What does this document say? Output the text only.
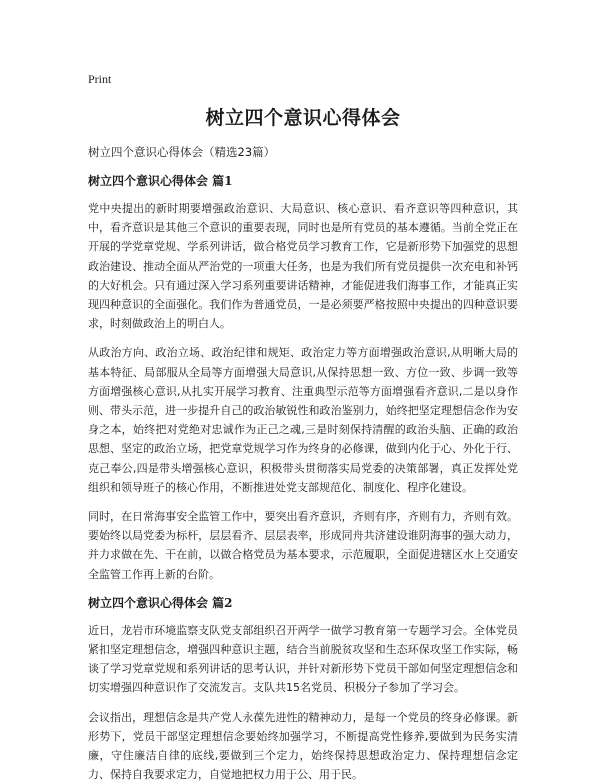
Print
树立四个意识心得体会
树立四个意识心得体会（精选23篇）
树立四个意识心得体会 篇1

党中央提出的新时期要增强政治意识、大局意识、核心意识、看齐意识等四种意识，其中，看齐意识是其他三个意识的重要表现，同时也是所有党员的基本遵循。当前全党正在开展的学党章党规、学系列讲话，做合格党员学习教育工作，它是新形势下加强党的思想政治建设、推动全面从严治党的一项重大任务，也是为我们所有党员提供一次充电和补钙的大好机会。只有通过深入学习系列重要讲话精神，才能促进我们海事工作，才能真正实现四种意识的全面强化。我们作为普通党员，一是必须要严格按照中央提出的四种意识要求，时刻做政治上的明白人。

从政治方向、政治立场、政治纪律和规矩、政治定力等方面增强政治意识,从明晰大局的基本特征、局部服从全局等方面增强大局意识,从保持思想一致、方位一致、步调一致等方面增强核心意识,从扎实开展学习教育、注重典型示范等方面增强看齐意识,二是以身作则、带头示范，进一步提升自己的政治敏锐性和政治鉴别力，始终把坚定理想信念作为安身之本，始终把对党绝对忠诚作为正己之魂,三是时刻保持清醒的政治头脑、正确的政治思想、坚定的政治立场，把党章党规学习作为终身的必修课，做到内化于心、外化于行、克己奉公,四是带头增强核心意识，积极带头贯彻落实局党委的决策部署，真正发挥处党组织和领导班子的核心作用，不断推进处党支部规范化、制度化、程序化建设。

同时，在日常海事安全监管工作中，要突出看齐意识，齐则有序，齐则有力，齐则有效。要始终以局党委为标杆，层层看齐、层层表率，形成同舟共济建设谁阴海事的强大动力，并力求做在先、干在前，以做合格党员为基本要求，示范履职，全面促进辖区水上交通安全监管工作再上新的台阶。

树立四个意识心得体会 篇2

近日，龙岩市环境监察支队党支部组织召开两学一做学习教育第一专题学习会。全体党员紧扣坚定理想信念，增强四种意识主题，结合当前脱贫攻坚和生态环保攻坚工作实际，畅谈了学习党章党规和系列讲话的思考认识，并针对新形势下党员干部如何坚定理想信念和切实增强四种意识作了交流发言。支队共15名党员、积极分子参加了学习会。

会议指出，理想信念是共产党人永葆先进性的精神动力，是每一个党员的终身必修课。新形势下，党员干部坚定理想信念要始终加强学习，不断提高党性修养,要做到为民务实清廉，守住廉洁自律的底线,要做到三个定力，始终保持思想政治定力、保持理想信念定力、保持自我要求定力，自觉地把权力用于公、用于民。
